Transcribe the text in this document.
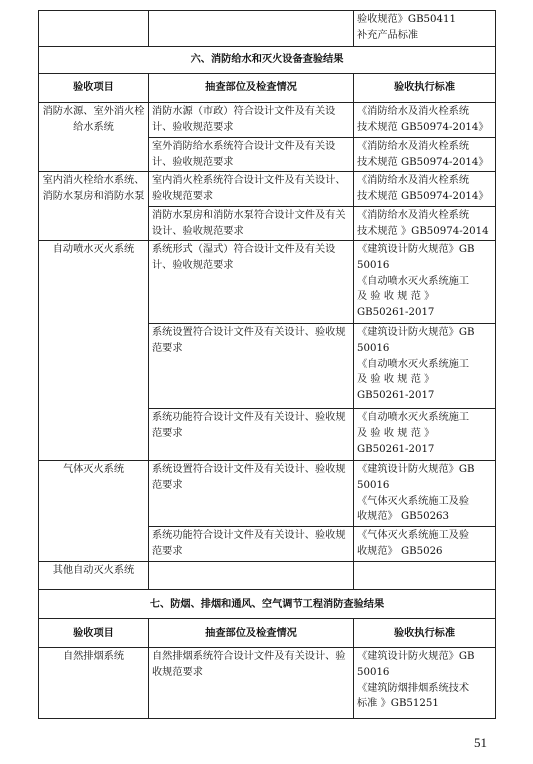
		验收规范》GB50411
补充产品标准

六、消防给水和灭火设备查验结果		
验收项目	抽查部位及检查情况	验收执行标准
消防水源、室外消火栓给水系统	消防水源（市政）符合设计文件及有关设计、验收规范要求	《消防给水及消火栓系统
技术规范 GB50974-2014》

	室外消防给水系统符合设计文件及有关设计、验收规范要求	《消防给水及消火栓系统
技术规范 GB50974-2014》

室内消火栓给水系统、消防水泵房和消防水泵	室内消火栓系统符合设计文件及有关设计、验收规范要求	《消防给水及消火栓系统
技术规范 GB50974-2014》

	消防水泵房和消防水泵符合设计文件及有关设计、验收规范要求	《消防给水及消火栓系统
技术规范 》GB50974-2014

自动喷水灭火系统	系统形式（湿式）符合设计文件及有关设计、验收规范要求	《建筑设计防火规范》GB
50016
《自动喷水灭火系统施工
及 验 收 规 范 》
GB50261-2017

	系统设置符合设计文件及有关设计、验收规范要求	《建筑设计防火规范》GB
50016
《自动喷水灭火系统施工
及 验 收 规 范 》
GB50261-2017

	系统功能符合设计文件及有关设计、验收规范要求	《自动喷水灭火系统施工
及 验 收 规 范 》
GB50261-2017

气体灭火系统	系统设置符合设计文件及有关设计、验收规范要求	《建筑设计防火规范》GB
50016
《气体灭火系统施工及验
收规范》 GB50263

	系统功能符合设计文件及有关设计、验收规范要求	《气体灭火系统施工及验
收规范》 GB5026

其他自动灭火系统		
七、防烟、排烟和通风、空气调节工程消防查验结果		
验收项目	抽查部位及检查情况	验收执行标准
自然排烟系统	自然排烟系统符合设计文件及有关设计、验收规范要求	《建筑设计防火规范》GB
50016
《建筑防烟排烟系统技术
标准 》GB51251
51
